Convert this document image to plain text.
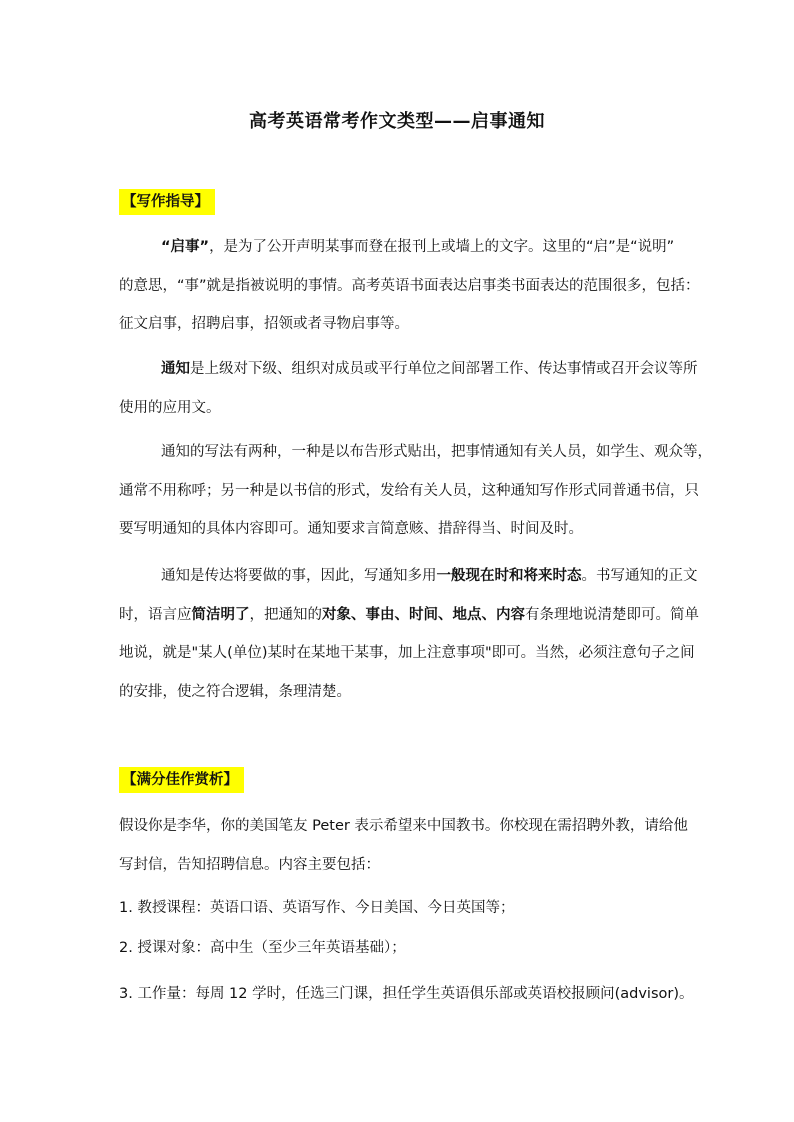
高考英语常考作文类型——启事通知
【写作指导】

“启事”，是为了公开声明某事而登在报刊上或墙上的文字。这里的“启”是“说明”
的意思，“事”就是指被说明的事情。高考英语书面表达启事类书面表达的范围很多，包括：
征文启事，招聘启事，招领或者寻物启事等。

通知是上级对下级、组织对成员或平行单位之间部署工作、传达事情或召开会议等所
使用的应用文。

通知的写法有两种，一种是以布告形式贴出，把事情通知有关人员，如学生、观众等，
通常不用称呼；另一种是以书信的形式，发给有关人员，这种通知写作形式同普通书信，只
要写明通知的具体内容即可。通知要求言简意赅、措辞得当、时间及时。

通知是传达将要做的事，因此，写通知多用一般现在时和将来时态。书写通知的正文
时，语言应简洁明了，把通知的对象、事由、时间、地点、内容有条理地说清楚即可。简单
地说，就是"某人(单位)某时在某地干某事，加上注意事项"即可。当然，必须注意句子之间
的安排，使之符合逻辑，条理清楚。

【满分佳作赏析】

假设你是李华，你的美国笔友 Peter 表示希望来中国教书。你校现在需招聘外教，请给他
写封信，告知招聘信息。内容主要包括：

1. 教授课程：英语口语、英语写作、今日美国、今日英国等；
2. 授课对象：高中生（至少三年英语基础）；
3. 工作量：每周 12 学时，任选三门课，担任学生英语俱乐部或英语校报顾问(advisor)。
